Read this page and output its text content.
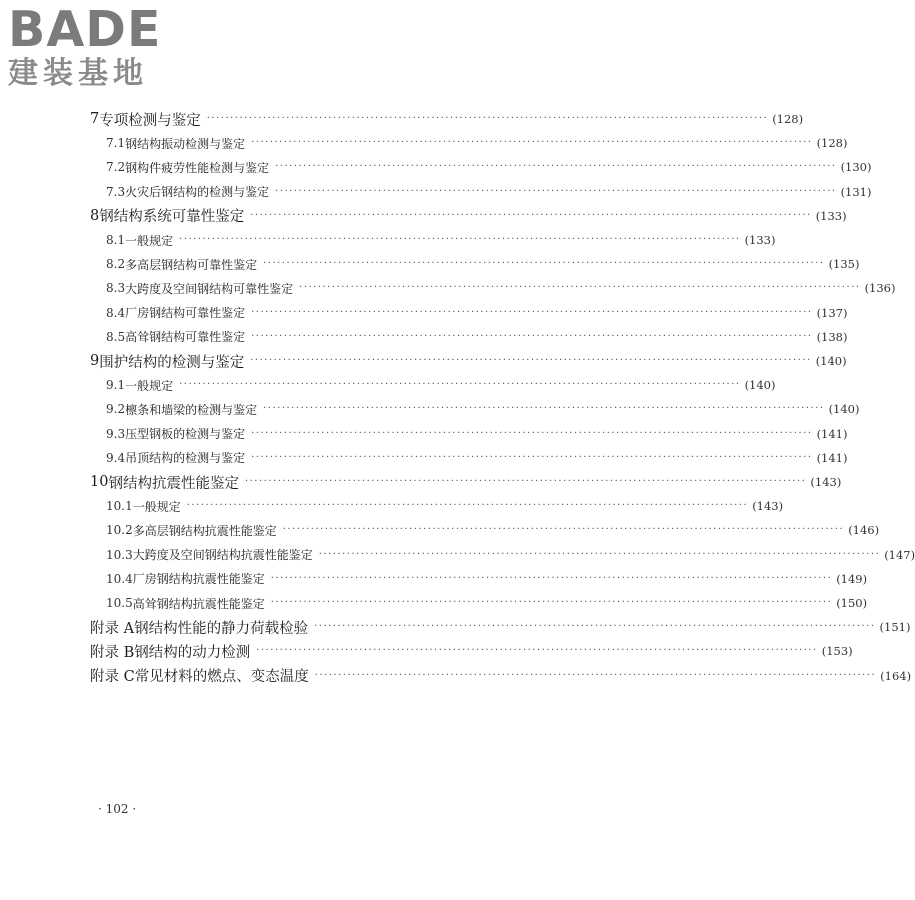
BADE
建装基地
7 专项检测与鉴定 ························································································································ (128)
7.1 钢结构振动检测与鉴定 ························································································································ (128)
7.2 钢构件疲劳性能检测与鉴定 ························································································································ (130)
7.3 火灾后钢结构的检测与鉴定 ························································································································ (131)
8 钢结构系统可靠性鉴定 ························································································································ (133)
8.1 一般规定 ························································································································ (133)
8.2 多高层钢结构可靠性鉴定 ························································································································ (135)
8.3 大跨度及空间钢结构可靠性鉴定 ························································································································ (136)
8.4 厂房钢结构可靠性鉴定 ························································································································ (137)
8.5 高耸钢结构可靠性鉴定 ························································································································ (138)
9 围护结构的检测与鉴定 ························································································································ (140)
9.1 一般规定 ························································································································ (140)
9.2 檩条和墙梁的检测与鉴定 ························································································································ (140)
9.3 压型钢板的检测与鉴定 ························································································································ (141)
9.4 吊顶结构的检测与鉴定 ························································································································ (141)
10 钢结构抗震性能鉴定 ························································································································ (143)
10.1 一般规定 ························································································································ (143)
10.2 多高层钢结构抗震性能鉴定 ························································································································ (146)
10.3 大跨度及空间钢结构抗震性能鉴定 ························································································································ (147)
10.4 厂房钢结构抗震性能鉴定 ························································································································ (149)
10.5 高耸钢结构抗震性能鉴定 ························································································································ (150)
附录 A 钢结构性能的静力荷载检验 ························································································································ (151)
附录 B 钢结构的动力检测 ························································································································ (153)
附录 C 常见材料的燃点、变态温度 ························································································································ (164)
· 102 ·
